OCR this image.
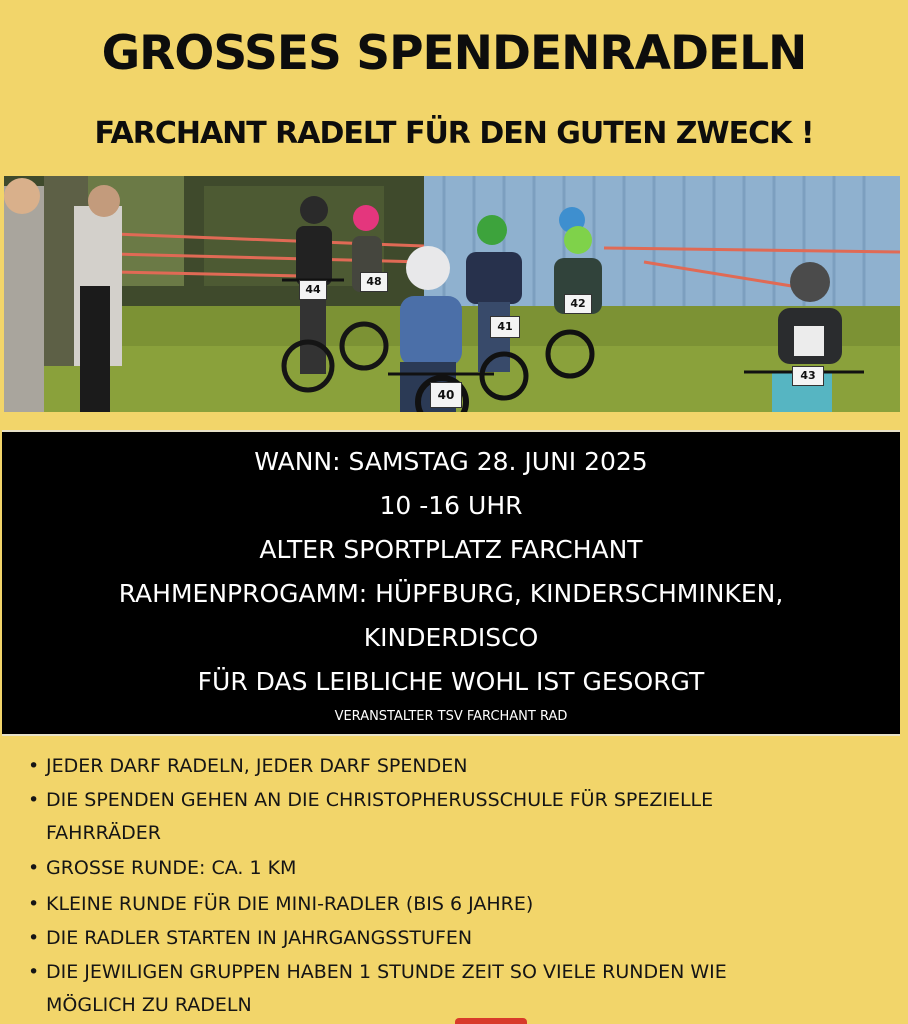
GROSSES SPENDENRADELN
FARCHANT RADELT FÜR DEN GUTEN ZWECK !
44
48
41
42
40
43
WANN: SAMSTAG 28. JUNI 2025
10 -16 UHR
ALTER SPORTPLATZ FARCHANT
RAHMENPROGAMM: HÜPFBURG, KINDERSCHMINKEN,
KINDERDISCO
FÜR DAS LEIBLICHE WOHL IST GESORGT
VERANSTALTER TSV FARCHANT RAD
• JEDER DARF RADELN, JEDER DARF SPENDEN
• DIE SPENDEN GEHEN AN DIE CHRISTOPHERUSSCHULE FÜR SPEZIELLE
FAHRRÄDER
• GROSSE RUNDE: CA. 1 KM
• KLEINE RUNDE FÜR DIE MINI-RADLER (BIS 6 JAHRE)
• DIE RADLER STARTEN IN JAHRGANGSSTUFEN
• DIE JEWILIGEN GRUPPEN HABEN 1 STUNDE ZEIT SO VIELE RUNDEN WIE
MÖGLICH ZU RADELN
